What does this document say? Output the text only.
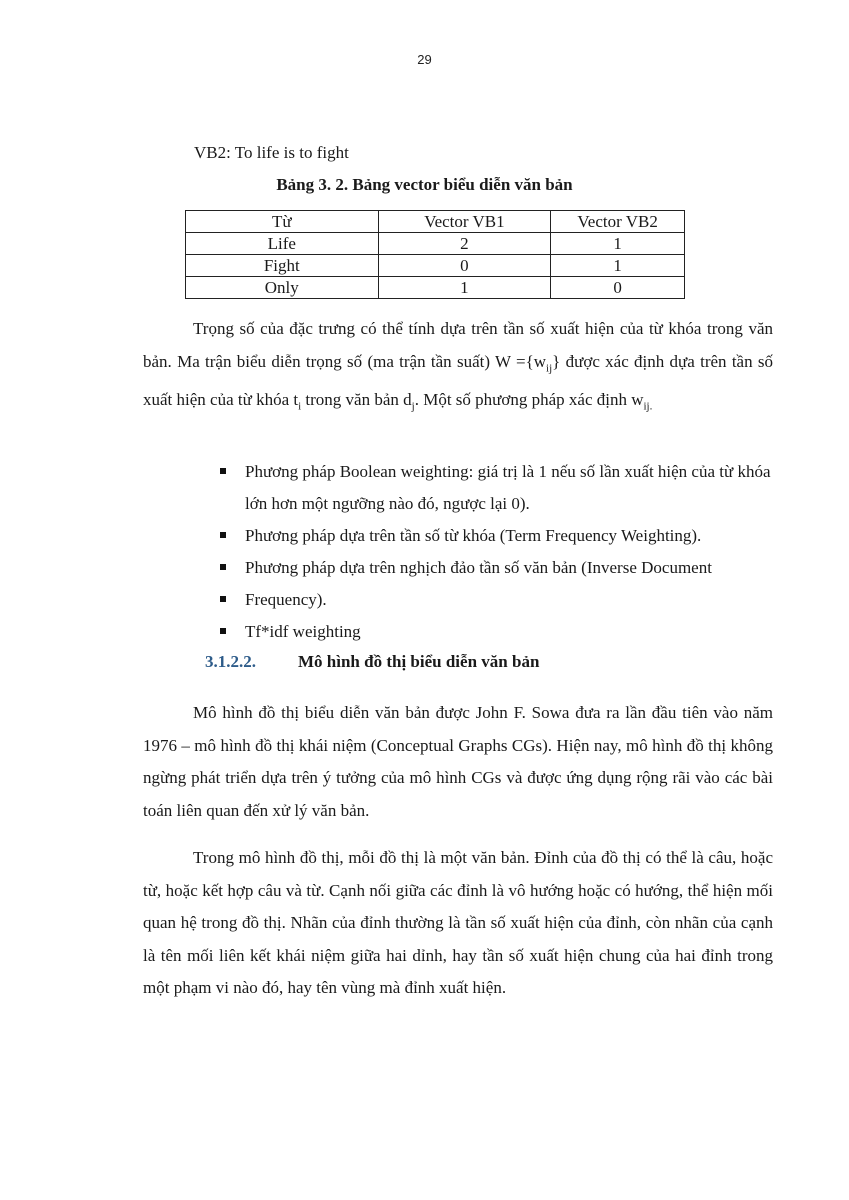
29
VB2: To life is to fight
Bảng 3. 2. Bảng vector biểu diễn văn bản
Từ	Vector VB1	Vector VB2
Life	2	1
Fight	0	1
Only	1	0

Trọng số của đặc trưng có thể tính dựa trên tần số xuất hiện của từ khóa trong văn bản. Ma trận biểu diễn trọng số (ma trận tần suất) $W =\{w_{ij}\}$ được xác định dựa trên tần số xuất hiện của từ khóa $t_i$ trong văn bản $d_j$. Một số phương pháp xác định $w_{ij.}$

Phương pháp Boolean weighting: giá trị là 1 nếu số lần xuất hiện của từ khóa lớn hơn một ngưỡng nào đó, ngược lại 0).
Phương pháp dựa trên tần số từ khóa (Term Frequency Weighting).
Phương pháp dựa trên nghịch đảo tần số văn bản (Inverse Document
Frequency).
Tf*idf weighting
3.1.2.2. Mô hình đồ thị biểu diễn văn bản

Mô hình đồ thị biểu diễn văn bản được John F. Sowa đưa ra lần đầu tiên vào năm 1976 – mô hình đồ thị khái niệm (Conceptual Graphs CGs). Hiện nay, mô hình đồ thị không ngừng phát triển dựa trên ý tưởng của mô hình CGs và được ứng dụng rộng rãi vào các bài toán liên quan đến xử lý văn bản.

Trong mô hình đồ thị, mỗi đồ thị là một văn bản. Đỉnh của đồ thị có thể là câu, hoặc từ, hoặc kết hợp câu và từ. Cạnh nối giữa các đỉnh là vô hướng hoặc có hướng, thể hiện mối quan hệ trong đồ thị. Nhãn của đỉnh thường là tần số xuất hiện của đỉnh, còn nhãn của cạnh là tên mối liên kết khái niệm giữa hai dỉnh, hay tần số xuất hiện chung của hai đỉnh trong một phạm vi nào đó, hay tên vùng mà đỉnh xuất hiện.
